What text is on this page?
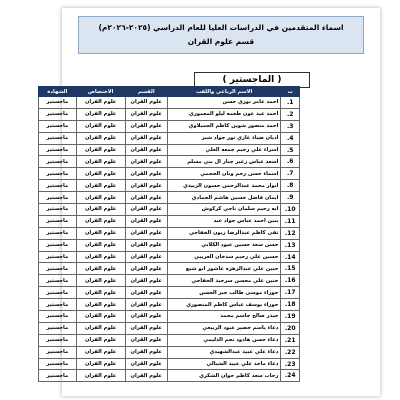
اسماء المتقدمين في الدراسات العليا للعام الدراسي (٢٠٢٥-٢٠٢٦م)
قسم علوم القران
( الماجستير )
ت	الاسم الرباعي واللقب	القسم	الاختصاص	الشهادة
1.	احمد عامر نوري حسن	علوم القران	علوم القران	ماجستير
2.	احمد عبد عون طعمه ليلو المعموري	علوم القران	علوم القران	ماجستير
3.	احمد منصور شوين كاظم الجميلاوي	علوم القران	علوم القران	ماجستير
4.	اديان ضياء غازي نور جواد شبر	علوم القران	علوم القران	ماجستير
5.	اسراء علي رحيم جمعه العلي	علوم القران	علوم القران	ماجستير
6.	اسعد عباس زغير جبار ال بني مسلم	علوم القران	علوم القران	ماجستير
7.	اسماء حسن رحم ونان الحجمي	علوم القران	علوم القران	ماجستير
8.	انوار محمد عبدالرحمن حسون الزبيدي	علوم القران	علوم القران	ماجستير
9.	ايمان فاضل حسين هاشم الحمادي	علوم القران	علوم القران	ماجستير
10.	ايه رحيم سلمان ناجي كركوش	علوم القران	علوم القران	ماجستير
11.	بنين احمد عباس جواد عبد	علوم القران	علوم القران	ماجستير
12.	تقى كاظم عبدالرضا زبون الخفاجي	علوم القران	علوم القران	ماجستير
13.	حسن سعد حسين عبود الكلابي	علوم القران	علوم القران	ماجستير
14.	حسين علي رحيم سدخان العريبي	علوم القران	علوم القران	ماجستير
15.	حنين علي عبدالزهره عاشور ابو شبع	علوم القران	علوم القران	ماجستير
16.	حنين علي محسن سرحيد الخفاجي	علوم القران	علوم القران	ماجستير
17.	حوراء موسى طالب جبر الحسن	علوم القران	علوم القران	ماجستير
18.	حوراء يوسف عباس كاظم المنصوري	علوم القران	علوم القران	ماجستير
19.	حيدر صالح جاسم محمد	علوم القران	علوم القران	ماجستير
20.	دعاء باسم خضير عبود الربيعي	علوم القران	علوم القران	ماجستير
21.	دعاء حسن هادود نجم الدليمي	علوم القران	علوم القران	ماجستير
22.	دعاء علي عبيد عبدالشهيدي	علوم القران	علوم القران	ماجستير
23.	دعاء ماجد علي عبيد الشبالي	علوم القران	علوم القران	ماجستير
24.	رحاب سعد كاظم حوان الشكري	علوم القران	علوم القران	ماجستير
